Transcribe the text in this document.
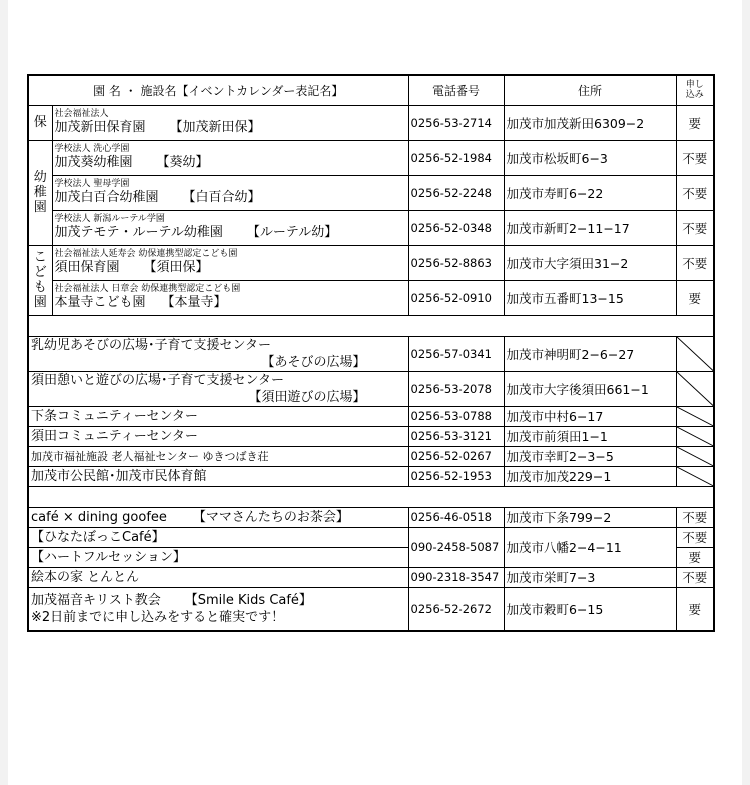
園 名 ・ 施設名【イベントカレンダー表記名】		電話番号	住所	申し
込み
保	社会福祉法人
加茂新田保育園 【加茂新田保】	0256-53-2714	加茂市加茂新田6309−2	要
幼
稚
園	学校法人 洗心学園
加茂葵幼稚園 【葵幼】	0256-52-1984	加茂市松坂町6−3	不要

	学校法人 聖母学園
加茂白百合幼稚園 【白百合幼】	0256-52-2248	加茂市寿町6−22	不要

	学校法人 新潟ルーテル学園
加茂テモテ・ルーテル幼稚園 【ルーテル幼】	0256-52-0348	加茂市新町2−11−17	不要
こ
ど
も
園	社会福祉法人延寿会 幼保連携型認定こども園
須田保育園 【須田保】	0256-52-8863	加茂市大字須田31−2	不要

	社会福祉法人 日章会 幼保連携型認定こども園
本量寺こども園 【本量寺】	0256-52-0910	加茂市五番町13−15	要

乳幼児あそびの広場･子育て支援センター
【あそびの広場】		0256-57-0341	加茂市神明町2−6−27	

須田憩いと遊びの広場･子育て支援センター
【須田遊びの広場】		0256-53-2078	加茂市大字後須田661−1	

下条コミュニティーセンター		0256-53-0788	加茂市中村6−17	

須田コミュニティーセンター		0256-53-3121	加茂市前須田1−1	

加茂市福祉施設 老人福祉センター ゆきつばき荘		0256-52-0267	加茂市幸町2−3−5	

加茂市公民館･加茂市民体育館		0256-52-1953	加茂市加茂229−1	

café × dining goofee 【ママさんたちのお茶会】		0256-46-0518	加茂市下条799−2	不要
【ひなたぼっこCafé】		090-2458-5087	加茂市八幡2−4−11	不要
【ハートフルセッション】				要
絵本の家 とんとん		090-2318-3547	加茂市栄町7−3	不要

加茂福音キリスト教会 【Smile Kids Café】
※2日前までに申し込みをすると確実です！		0256-52-2672	加茂市穀町6−15	要
